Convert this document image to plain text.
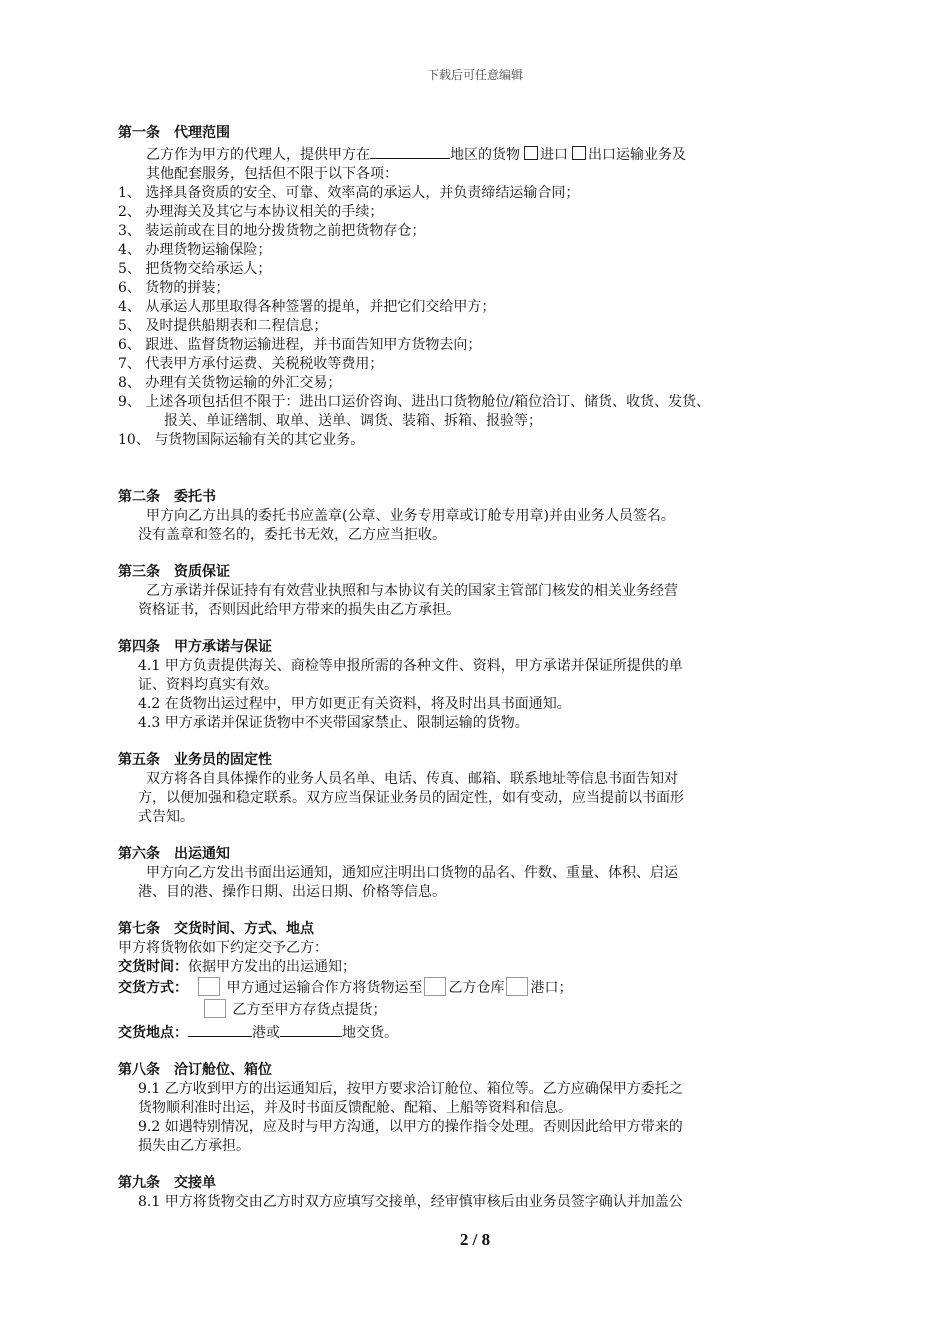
下载后可任意编辑

第一条　代理范围

乙方作为甲方的代理人，提供甲方在	地区的货物 进口 出口运输业务及

其他配套服务，包括但不限于以下各项：

1、 选择具备资质的安全、可靠、效率高的承运人，并负责缔结运输合同；

2、 办理海关及其它与本协议相关的手续；

3、 装运前或在目的地分拨货物之前把货物存仓；

4、 办理货物运输保险；

5、 把货物交给承运人；

6、 货物的拼装；

4、 从承运人那里取得各种签署的提单，并把它们交给甲方；

5、 及时提供船期表和二程信息；

6、 跟进、监督货物运输进程，并书面告知甲方货物去向；

7、 代表甲方承付运费、关税税收等费用；

8、 办理有关货物运输的外汇交易；

9、 上述各项包括但不限于：进出口运价咨询、进出口货物舱位/箱位洽订、储货、收货、发货、

报关、单证缮制、取单、送单、调货、装箱、拆箱、报验等；

10、 与货物国际运输有关的其它业务。

第二条　委托书

甲方向乙方出具的委托书应盖章(公章、业务专用章或订舱专用章)并由业务人员签名。

没有盖章和签名的，委托书无效，乙方应当拒收。

第三条　资质保证

乙方承诺并保证持有有效营业执照和与本协议有关的国家主管部门核发的相关业务经营

资格证书，否则因此给甲方带来的损失由乙方承担。

第四条　甲方承诺与保证

4.1 甲方负责提供海关、商检等申报所需的各种文件、资料，甲方承诺并保证所提供的单

证、资料均真实有效。

4.2 在货物出运过程中，甲方如更正有关资料，将及时出具书面通知。

4.3 甲方承诺并保证货物中不夹带国家禁止、限制运输的货物。

第五条　业务员的固定性

双方将各自具体操作的业务人员名单、电话、传真、邮箱、联系地址等信息书面告知对

方，以便加强和稳定联系。双方应当保证业务员的固定性，如有变动，应当提前以书面形

式告知。

第六条　出运通知

甲方向乙方发出书面出运通知，通知应注明出口货物的品名、件数、重量、体积、启运

港、目的港、操作日期、出运日期、价格等信息。

第七条　交货时间、方式、地点

甲方将货物依如下约定交予乙方：

交货时间：依据甲方发出的出运通知；

交货方式：	甲方通过运输合作方将货物运至 乙方仓库 港口；

乙方至甲方存货点提货；

交货地点：	港或	地交货。

第八条　洽订舱位、箱位

9.1 乙方收到甲方的出运通知后，按甲方要求洽订舱位、箱位等。乙方应确保甲方委托之

货物顺利准时出运，并及时书面反馈配舱、配箱、上船等资料和信息。

9.2 如遇特别情况，应及时与甲方沟通，以甲方的操作指令处理。否则因此给甲方带来的

损失由乙方承担。

第九条　交接单

8.1 甲方将货物交由乙方时双方应填写交接单，经审慎审核后由业务员签字确认并加盖公

2 / 8
